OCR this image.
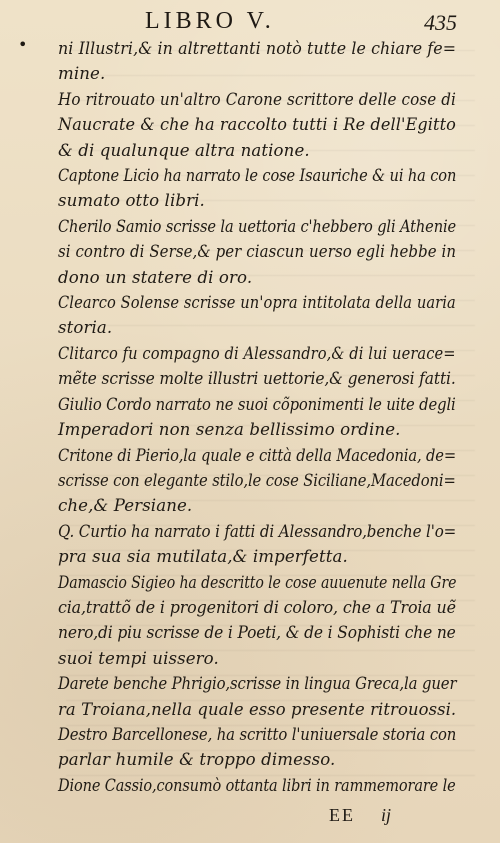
•
LIBRO V.	435
ni Illustri,& in altrettanti notò tutte le chiare fe=
mine.
Ho ritrouato un'altro Carone scrittore delle cose di
Naucrate & che ha raccolto tutti i Re dell'Egitto
& di qualunque altra natione.
Captone Licio ha narrato le cose Isauriche & ui ha con
sumato otto libri.
Cherilo Samio scrisse la uettoria c'hebbero gli Athenie
si contro di Serse,& per ciascun uerso egli hebbe in
dono un statere di oro.
Clearco Solense scrisse un'opra intitolata della uaria
storia.
Clitarco fu compagno di Alessandro,& di lui uerace=
mẽte scrisse molte illustri uettorie,& generosi fatti.
Giulio Cordo narrato ne suoi cõponimenti le uite degli
Imperadori non senza bellissimo ordine.
Critone di Pierio,la quale e città della Macedonia, de=
scrisse con elegante stilo,le cose Siciliane,Macedoni=
che,& Persiane.
Q. Curtio ha narrato i fatti di Alessandro,benche l'o=
pra sua sia mutilata,& imperfetta.
Damascio Sigieo ha descritto le cose auuenute nella Gre
cia,trattõ de i progenitori di coloro, che a Troia uẽ
nero,di piu scrisse de i Poeti, & de i Sophisti che ne
suoi tempi uissero.
Darete benche Phrigio,scrisse in lingua Greca,la guer
ra Troiana,nella quale esso presente ritrouossi.
Destro Barcellonese, ha scritto l'uniuersale storia con
parlar humile & troppo dimesso.
Dione Cassio,consumò ottanta libri in rammemorare le
EE ij
